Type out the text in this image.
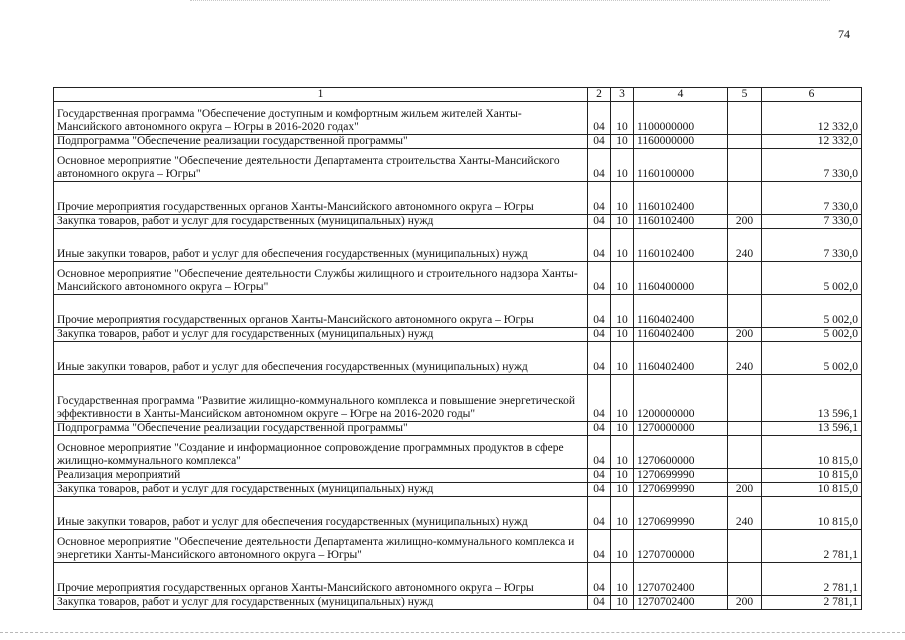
74
1	2	3	4	5	6
Государственная программа "Обеспечение доступным и комфортным жильем жителей Ханты-Мансийского автономного округа – Югры в 2016-2020 годах"	04	10	1100000000		12 332,0
Подпрограмма "Обеспечение реализации государственной программы"	04	10	1160000000		12 332,0
Основное мероприятие "Обеспечение деятельности Департамента строительства Ханты-Мансийского автономного округа – Югры"	04	10	1160100000		7 330,0
Прочие мероприятия государственных органов Ханты-Мансийского автономного округа – Югры	04	10	1160102400		7 330,0
Закупка товаров, работ и услуг для государственных (муниципальных) нужд	04	10	1160102400	200	7 330,0
Иные закупки товаров, работ и услуг для обеспечения государственных (муниципальных) нужд	04	10	1160102400	240	7 330,0
Основное мероприятие "Обеспечение деятельности Службы жилищного и строительного надзора Ханты-Мансийского автономного округа – Югры"	04	10	1160400000		5 002,0
Прочие мероприятия государственных органов Ханты-Мансийского автономного округа – Югры	04	10	1160402400		5 002,0
Закупка товаров, работ и услуг для государственных (муниципальных) нужд	04	10	1160402400	200	5 002,0
Иные закупки товаров, работ и услуг для обеспечения государственных (муниципальных) нужд	04	10	1160402400	240	5 002,0
Государственная программа "Развитие жилищно-коммунального комплекса и повышение энергетической эффективности в Ханты-Мансийском автономном округе – Югре на 2016-2020 годы"	04	10	1200000000		13 596,1
Подпрограмма "Обеспечение реализации государственной программы"	04	10	1270000000		13 596,1
Основное мероприятие "Создание и информационное сопровождение программных продуктов в сфере жилищно-коммунального комплекса"	04	10	1270600000		10 815,0
Реализация мероприятий	04	10	1270699990		10 815,0
Закупка товаров, работ и услуг для государственных (муниципальных) нужд	04	10	1270699990	200	10 815,0
Иные закупки товаров, работ и услуг для обеспечения государственных (муниципальных) нужд	04	10	1270699990	240	10 815,0
Основное мероприятие "Обеспечение деятельности Департамента жилищно-коммунального комплекса и энергетики Ханты-Мансийского автономного округа – Югры"	04	10	1270700000		2 781,1
Прочие мероприятия государственных органов Ханты-Мансийского автономного округа – Югры	04	10	1270702400		2 781,1
Закупка товаров, работ и услуг для государственных (муниципальных) нужд	04	10	1270702400	200	2 781,1
